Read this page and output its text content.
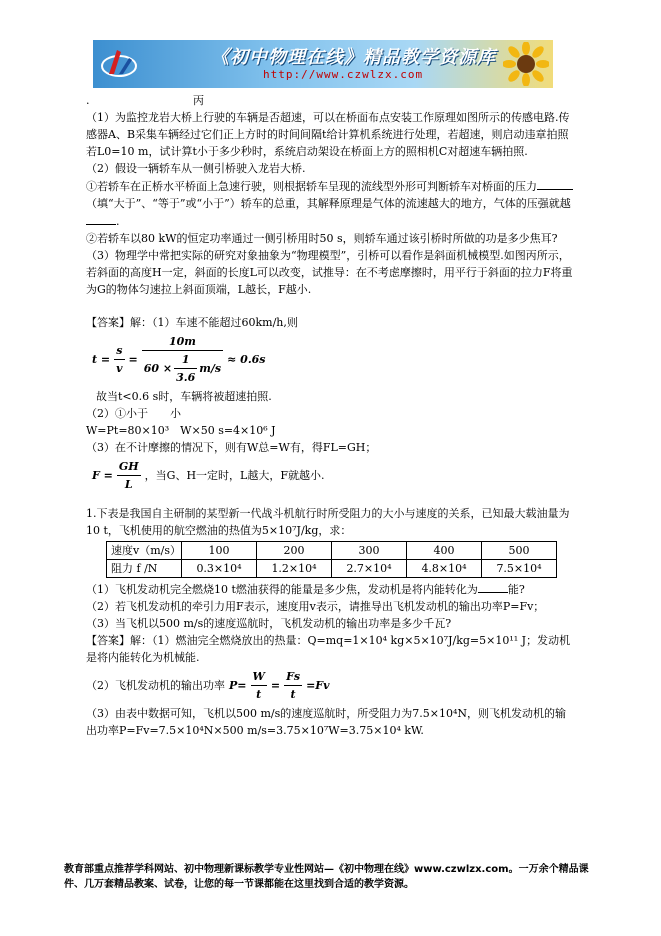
《初中物理在线》精品教学资源库
http://www.czwlzx.com

.	丙

（1）为监控龙岩大桥上行驶的车辆是否超速，可以在桥面布点安装工作原理如图所示的传感电路.传感器A、B采集车辆经过它们正上方时的时间间隔t给计算机系统进行处理，若超速，则启动违章拍照若L0=10 m，试计算t小于多少秒时，系统启动架设在桥面上方的照相机C对超速车辆拍照.

（2）假设一辆轿车从一侧引桥驶入龙岩大桥.

①若轿车在正桥水平桥面上急速行驶，则根据轿车呈现的流线型外形可判断轿车对桥面的压力（填“大于”、“等于”或“小于”）轿车的总重，其解释原理是气体的流速越大的地方，气体的压强就越.

②若轿车以80 kW的恒定功率通过一侧引桥用时50 s，则轿车通过该引桥时所做的功是多少焦耳?

（3）物理学中常把实际的研究对象抽象为“物理模型”，引桥可以看作是斜面机械模型.如图丙所示，若斜面的高度H一定，斜面的长度L可以改变，试推导：在不考虑摩擦时，用平行于斜面的拉力F将重为G的物体匀速拉上斜面顶端，L越长，F越小.

【答案】解：（1）车速不能超过60km/h,则

$t = \frac{s}{v} = \frac{10m}{60 \times \frac{1}{3.6} m/s} \approx 0.6s$

故当t<0.6 s时，车辆将被超速拍照.

（2）①小于　　小

W=Pt=80×10³　W×50 s=4×10⁶ J

（3）在不计摩擦的情况下，则有W总=W有，得FL=GH；

$F = \frac{GH}{L}$ ，当G、H一定时，L越大，F就越小.

1.下表是我国自主研制的某型新一代战斗机航行时所受阻力的大小与速度的关系，已知最大载油量为10 t，飞机使用的航空燃油的热值为5×10⁷J/kg，求：

速度v（m/s）	100	200	300	400	500
阻力 f /N	0.3×10⁴	1.2×10⁴	2.7×10⁴	4.8×10⁴	7.5×10⁴

（1）飞机发动机完全燃烧10 t燃油获得的能量是多少焦，发动机是将内能转化为	能?

（2）若飞机发动机的牵引力用F表示，速度用v表示，请推导出飞机发动机的输出功率P=Fv；

（3）当飞机以500 m/s的速度巡航时，飞机发动机的输出功率是多少千瓦?

【答案】解：（1）燃油完全燃烧放出的热量：Q=mq=1×10⁴ kg×5×10⁷J/kg=5×10¹¹ J；发动机是将内能转化为机械能.

（2）飞机发动机的输出功率 $P= \frac{W}{t} = \frac{Fs}{t} =Fv$

（3）由表中数据可知，飞机以500 m/s的速度巡航时，所受阻力为7.5×10⁴N，则飞机发动机的输出功率P=Fv=7.5×10⁴N×500 m/s=3.75×10⁷W=3.75×10⁴ kW.

教育部重点推荐学科网站、初中物理新课标教学专业性网站—《初中物理在线》www.czwlzx.com。一万余个精品课件、几万套精品教案、试卷，让您的每一节课都能在这里找到合适的教学资源。
